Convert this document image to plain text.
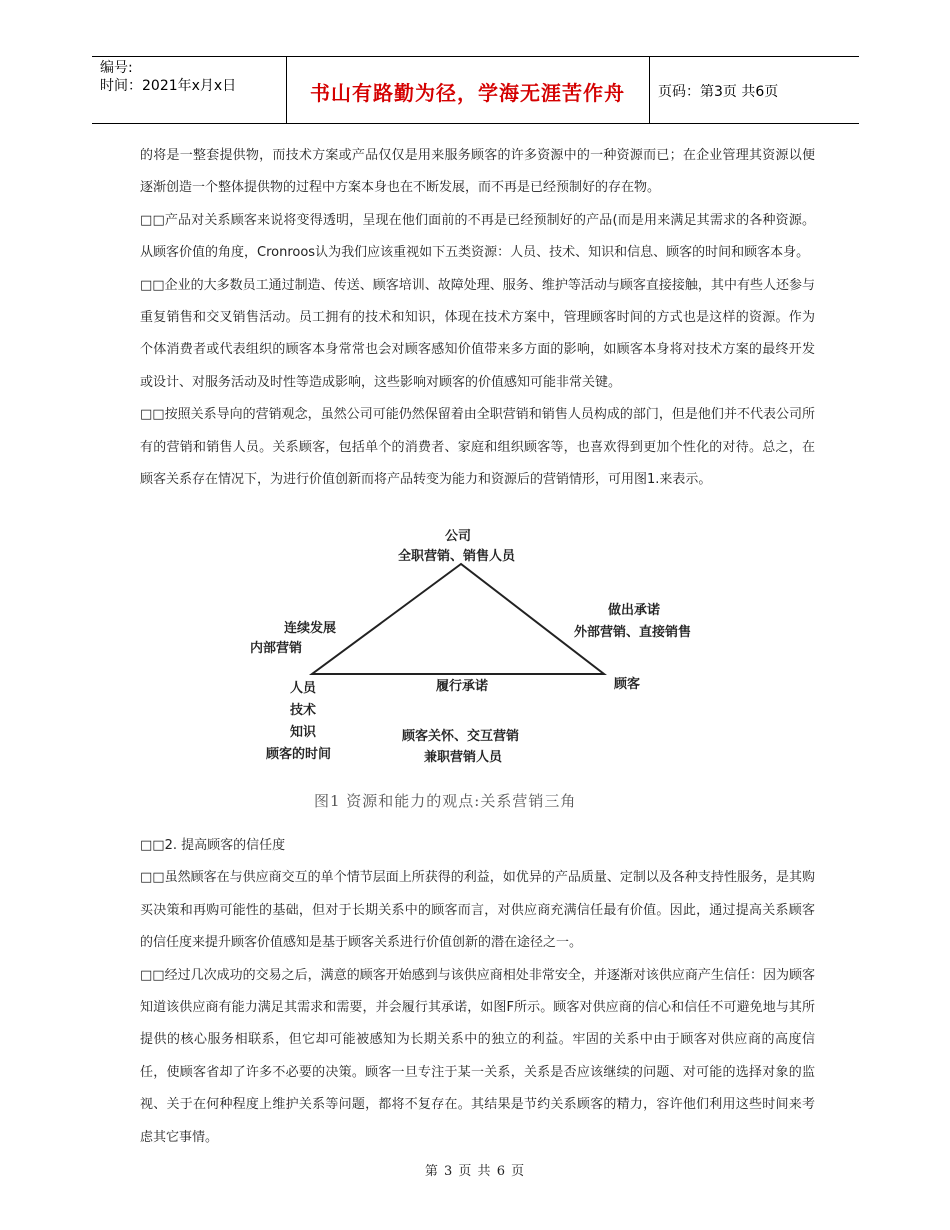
编号:
时间：2021年x月x日	书山有路勤为径，学海无涯苦作舟	页码：第3页 共6页

的将是一整套提供物，而技术方案或产品仅仅是用来服务顾客的许多资源中的一种资源而已；在企业管理其资源以便逐渐创造一个整体提供物的过程中方案本身也在不断发展，而不再是已经预制好的存在物。

□□产品对关系顾客来说将变得透明，呈现在他们面前的不再是已经预制好的产品(而是用来满足其需求的各种资源。从顾客价值的角度，Cronroos认为我们应该重视如下五类资源：人员、技术、知识和信息、顾客的时间和顾客本身。

□□企业的大多数员工通过制造、传送、顾客培训、故障处理、服务、维护等活动与顾客直接接触，其中有些人还参与重复销售和交叉销售活动。员工拥有的技术和知识，体现在技术方案中，管理顾客时间的方式也是这样的资源。作为个体消费者或代表组织的顾客本身常常也会对顾客感知价值带来多方面的影响，如顾客本身将对技术方案的最终开发或设计、对服务活动及时性等造成影响，这些影响对顾客的价值感知可能非常关键。

□□按照关系导向的营销观念，虽然公司可能仍然保留着由全职营销和销售人员构成的部门，但是他们并不代表公司所有的营销和销售人员。关系顾客，包括单个的消费者、家庭和组织顾客等，也喜欢得到更加个性化的对待。总之，在顾客关系存在情况下，为进行价值创新而将产品转变为能力和资源后的营销情形，可用图1.来表示。

公司
全职营销、销售人员
连续发展
内部营销
做出承诺
外部营销、直接销售
履行承诺	顾客
人员
技术
知识
顾客的时间
顾客关怀、交互营销
兼职营销人员
图1 资源和能力的观点:关系营销三角

□□2. 提高顾客的信任度

□□虽然顾客在与供应商交互的单个情节层面上所获得的利益，如优异的产品质量、定制以及各种支持性服务，是其购买决策和再购可能性的基础，但对于长期关系中的顾客而言，对供应商充满信任最有价值。因此，通过提高关系顾客的信任度来提升顾客价值感知是基于顾客关系进行价值创新的潜在途径之一。

□□经过几次成功的交易之后，满意的顾客开始感到与该供应商相处非常安全，并逐渐对该供应商产生信任：因为顾客知道该供应商有能力满足其需求和需要，并会履行其承诺，如图F所示。顾客对供应商的信心和信任不可避免地与其所提供的核心服务相联系，但它却可能被感知为长期关系中的独立的利益。牢固的关系中由于顾客对供应商的高度信任，使顾客省却了许多不必要的决策。顾客一旦专注于某一关系，关系是否应该继续的问题、对可能的选择对象的监视、关于在何种程度上维护关系等问题，都将不复存在。其结果是节约关系顾客的精力，容许他们利用这些时间来考虑其它事情。

第 3 页 共 6 页
